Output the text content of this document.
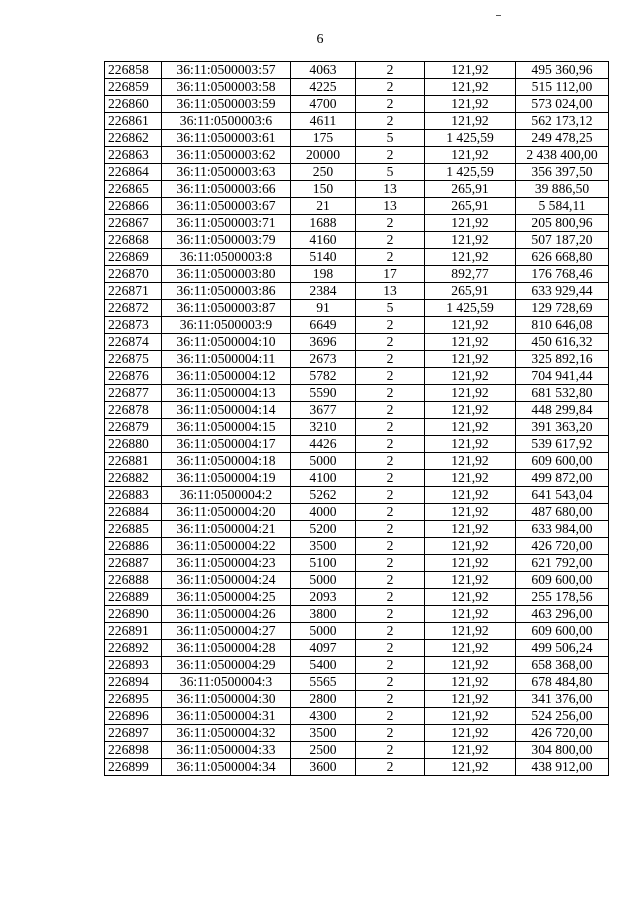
6
226858	36:11:0500003:57	4063	2	121,92	495 360,96
226859	36:11:0500003:58	4225	2	121,92	515 112,00
226860	36:11:0500003:59	4700	2	121,92	573 024,00
226861	36:11:0500003:6	4611	2	121,92	562 173,12
226862	36:11:0500003:61	175	5	1 425,59	249 478,25
226863	36:11:0500003:62	20000	2	121,92	2 438 400,00
226864	36:11:0500003:63	250	5	1 425,59	356 397,50
226865	36:11:0500003:66	150	13	265,91	39 886,50
226866	36:11:0500003:67	21	13	265,91	5 584,11
226867	36:11:0500003:71	1688	2	121,92	205 800,96
226868	36:11:0500003:79	4160	2	121,92	507 187,20
226869	36:11:0500003:8	5140	2	121,92	626 668,80
226870	36:11:0500003:80	198	17	892,77	176 768,46
226871	36:11:0500003:86	2384	13	265,91	633 929,44
226872	36:11:0500003:87	91	5	1 425,59	129 728,69
226873	36:11:0500003:9	6649	2	121,92	810 646,08
226874	36:11:0500004:10	3696	2	121,92	450 616,32
226875	36:11:0500004:11	2673	2	121,92	325 892,16
226876	36:11:0500004:12	5782	2	121,92	704 941,44
226877	36:11:0500004:13	5590	2	121,92	681 532,80
226878	36:11:0500004:14	3677	2	121,92	448 299,84
226879	36:11:0500004:15	3210	2	121,92	391 363,20
226880	36:11:0500004:17	4426	2	121,92	539 617,92
226881	36:11:0500004:18	5000	2	121,92	609 600,00
226882	36:11:0500004:19	4100	2	121,92	499 872,00
226883	36:11:0500004:2	5262	2	121,92	641 543,04
226884	36:11:0500004:20	4000	2	121,92	487 680,00
226885	36:11:0500004:21	5200	2	121,92	633 984,00
226886	36:11:0500004:22	3500	2	121,92	426 720,00
226887	36:11:0500004:23	5100	2	121,92	621 792,00
226888	36:11:0500004:24	5000	2	121,92	609 600,00
226889	36:11:0500004:25	2093	2	121,92	255 178,56
226890	36:11:0500004:26	3800	2	121,92	463 296,00
226891	36:11:0500004:27	5000	2	121,92	609 600,00
226892	36:11:0500004:28	4097	2	121,92	499 506,24
226893	36:11:0500004:29	5400	2	121,92	658 368,00
226894	36:11:0500004:3	5565	2	121,92	678 484,80
226895	36:11:0500004:30	2800	2	121,92	341 376,00
226896	36:11:0500004:31	4300	2	121,92	524 256,00
226897	36:11:0500004:32	3500	2	121,92	426 720,00
226898	36:11:0500004:33	2500	2	121,92	304 800,00
226899	36:11:0500004:34	3600	2	121,92	438 912,00
